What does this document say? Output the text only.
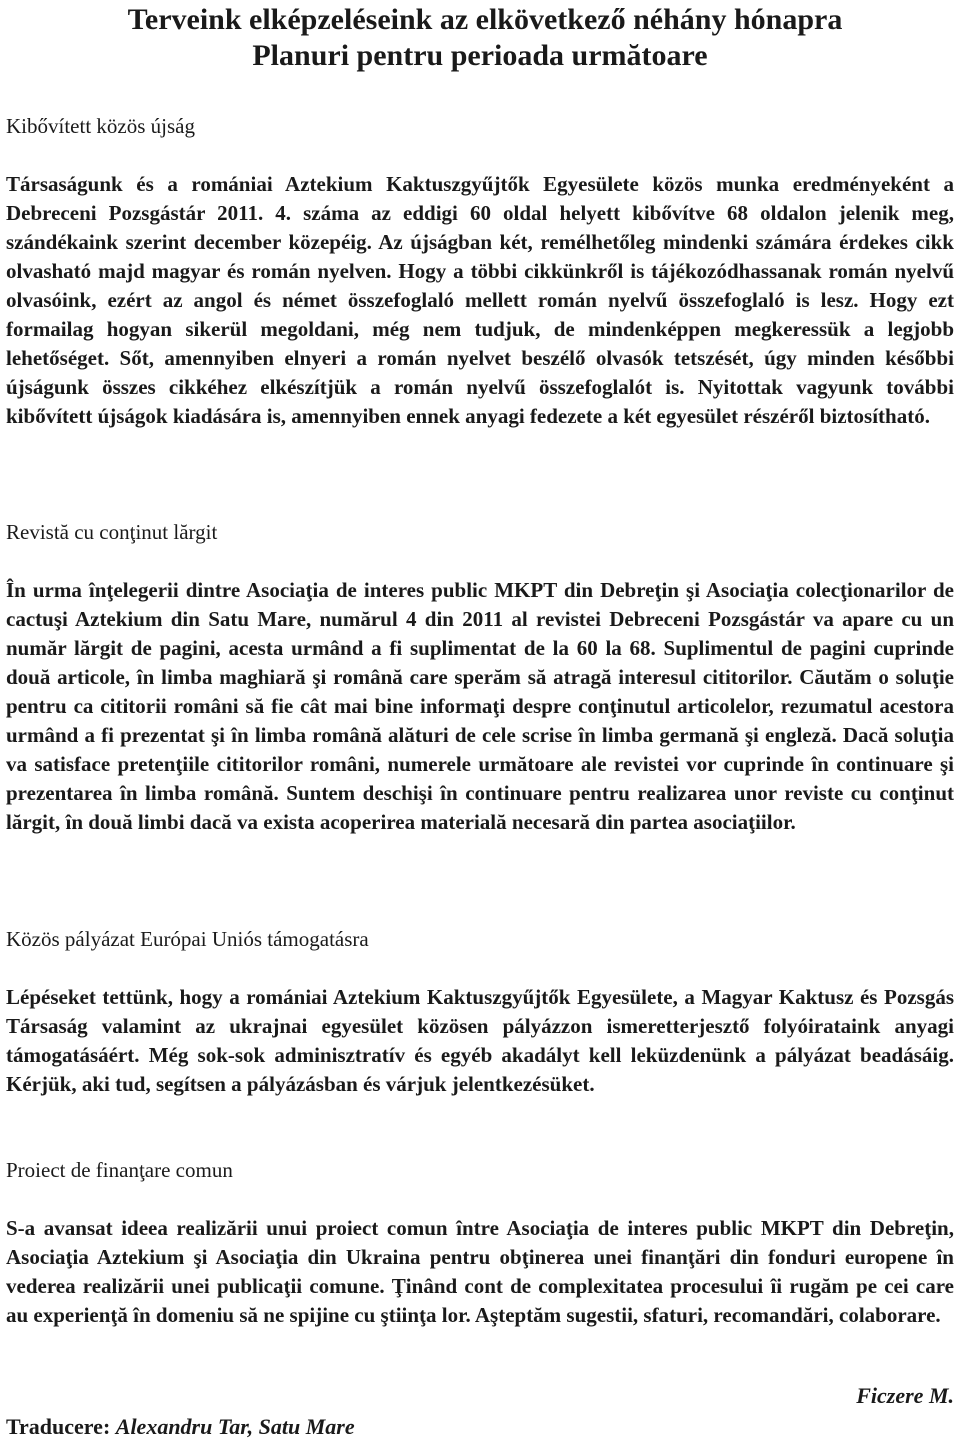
Terveink elképzeléseink az elkövetkező néhány hónapra

Planuri pentru perioada următoare

Kibővített közös újság

Társaságunk és a romániai Aztekium Kaktuszgyűjtők Egyesülete közös munka eredményeként a Debreceni Pozsgástár 2011. 4. száma az eddigi 60 oldal helyett kibővítve 68 oldalon jelenik meg, szándékaink szerint december közepéig. Az újságban két, remélhetőleg mindenki számára érdekes cikk olvasható majd magyar és román nyelven. Hogy a többi cikkünkről is tájékozódhassanak román nyelvű olvasóink, ezért az angol és német összefoglaló mellett román nyelvű összefoglaló is lesz. Hogy ezt formailag hogyan sikerül megoldani, még nem tudjuk, de mindenképpen megkeressük a legjobb lehetőséget. Sőt, amennyiben elnyeri a román nyelvet beszélő olvasók tetszését, úgy minden későbbi újságunk összes cikkéhez elkészítjük a román nyelvű összefoglalót is. Nyitottak vagyunk további kibővített újságok kiadására is, amennyiben ennek anyagi fedezete a két egyesület részéről biztosítható.

Revistă cu conţinut lărgit

În urma înţelegerii dintre Asociaţia de interes public MKPT din Debreţin şi Asociaţia colecţionarilor de cactuşi Aztekium din Satu Mare, numărul 4 din 2011 al revistei Debreceni Pozsgástár va apare cu un număr lărgit de pagini, acesta urmând a fi suplimentat de la 60 la 68. Suplimentul de pagini cuprinde două articole, în limba maghiară şi română care sperăm să atragă interesul cititorilor. Căutăm o soluţie pentru ca cititorii români să fie cât mai bine informaţi despre conţinutul articolelor, rezumatul acestora urmând a fi prezentat şi în limba română alături de cele scrise în limba germană şi engleză. Dacă soluţia va satisface pretenţiile cititorilor români, numerele următoare ale revistei vor cuprinde în continuare şi prezentarea în limba română. Suntem deschişi în continuare pentru realizarea unor reviste cu conţinut lărgit, în două limbi dacă va exista acoperirea materială necesară din partea asociaţiilor.

Közös pályázat Európai Uniós támogatásra

Lépéseket tettünk, hogy a romániai Aztekium Kaktuszgyűjtők Egyesülete, a Magyar Kaktusz és Pozsgás Társaság valamint az ukrajnai egyesület közösen pályázzon ismeretterjesztő folyóirataink anyagi támogatásáért. Még sok-sok adminisztratív és egyéb akadályt kell leküzdenünk a pályázat beadásáig. Kérjük, aki tud, segítsen a pályázásban és várjuk jelentkezésüket.

Proiect de finanţare comun

S-a avansat ideea realizării unui proiect comun între Asociaţia de interes public MKPT din Debreţin, Asociaţia Aztekium şi Asociaţia din Ukraina pentru obţinerea unei finanţări din fonduri europene în vederea realizării unei publicaţii comune. Ţinând cont de complexitatea procesului îi rugăm pe cei care au experienţă în domeniu să ne spijine cu ştiinţa lor. Aşteptăm sugestii, sfaturi, recomandări, colaborare.

Ficzere M.
Traducere: Alexandru Tar, Satu Mare
